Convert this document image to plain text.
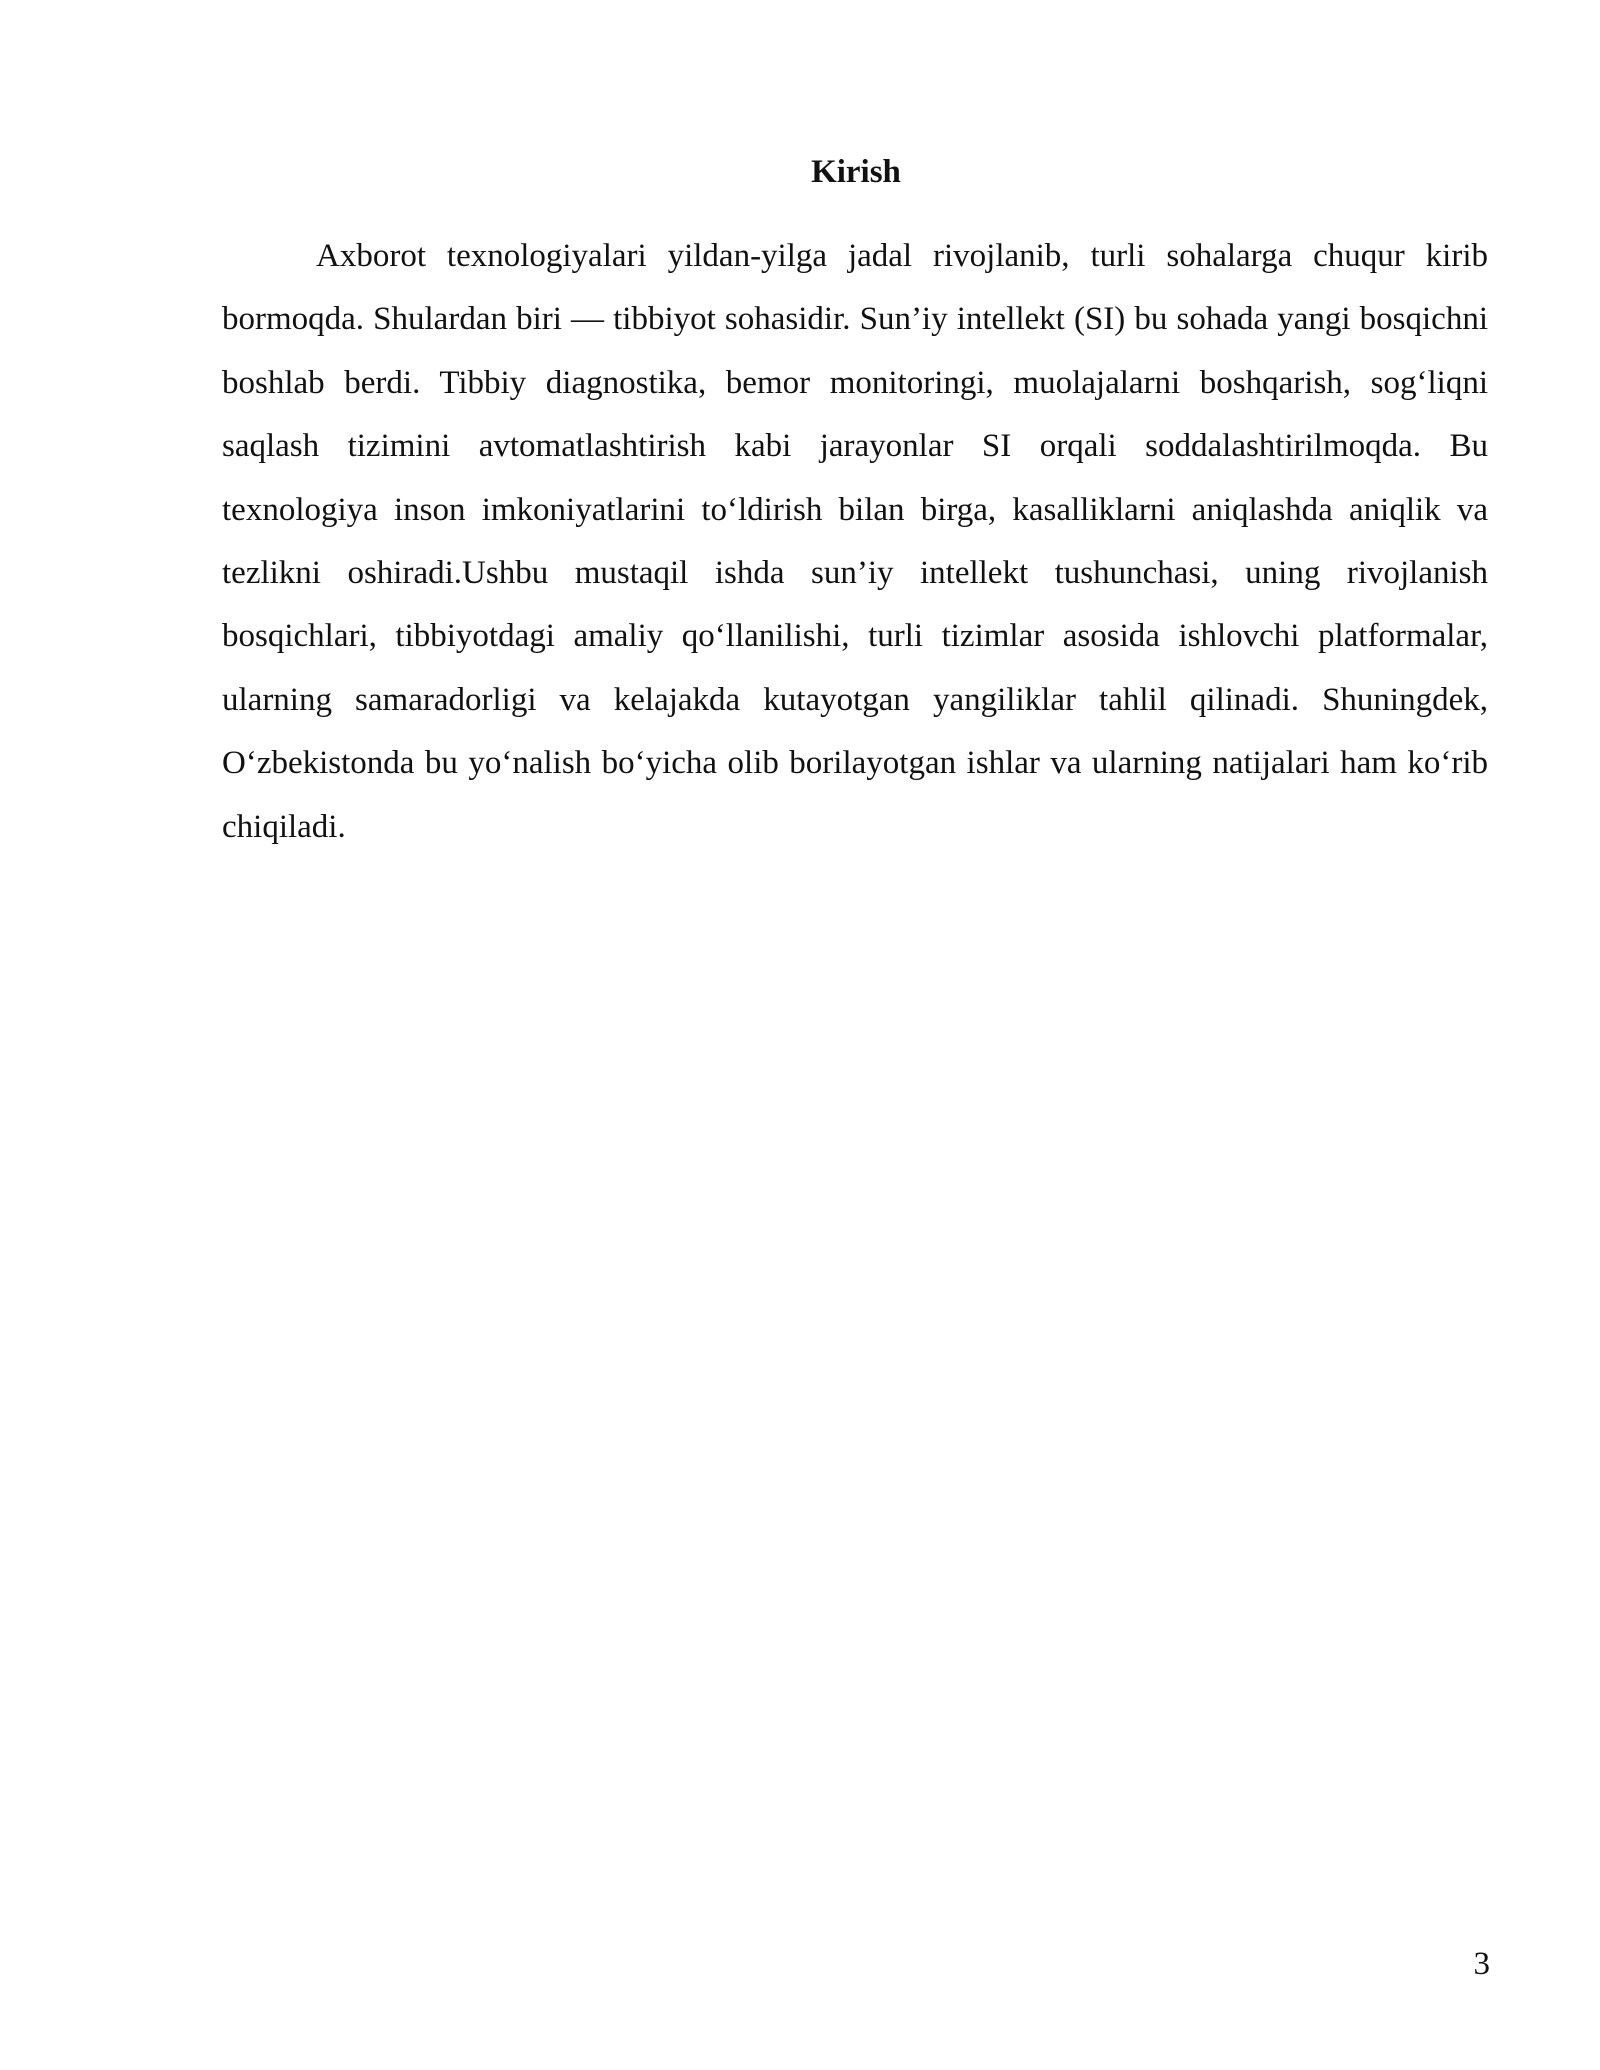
Kirish

Axborot texnologiyalari yildan-yilga jadal rivojlanib, turli sohalarga chuqur kirib bormoqda. Shulardan biri — tibbiyot sohasidir. Sun’iy intellekt (SI) bu sohada yangi bosqichni boshlab berdi. Tibbiy diagnostika, bemor monitoringi, muolajalarni boshqarish, sog‘liqni saqlash tizimini avtomatlashtirish kabi jarayonlar SI orqali soddalashtirilmoqda. Bu texnologiya inson imkoniyatlarini to‘ldirish bilan birga, kasalliklarni aniqlashda aniqlik va tezlikni oshiradi.Ushbu mustaqil ishda sun’iy intellekt tushunchasi, uning rivojlanish bosqichlari, tibbiyotdagi amaliy qo‘llanilishi, turli tizimlar asosida ishlovchi platformalar, ularning samaradorligi va kelajakda kutayotgan yangiliklar tahlil qilinadi. Shuningdek, O‘zbekistonda bu yo‘nalish bo‘yicha olib borilayotgan ishlar va ularning natijalari ham ko‘rib chiqiladi.

3
